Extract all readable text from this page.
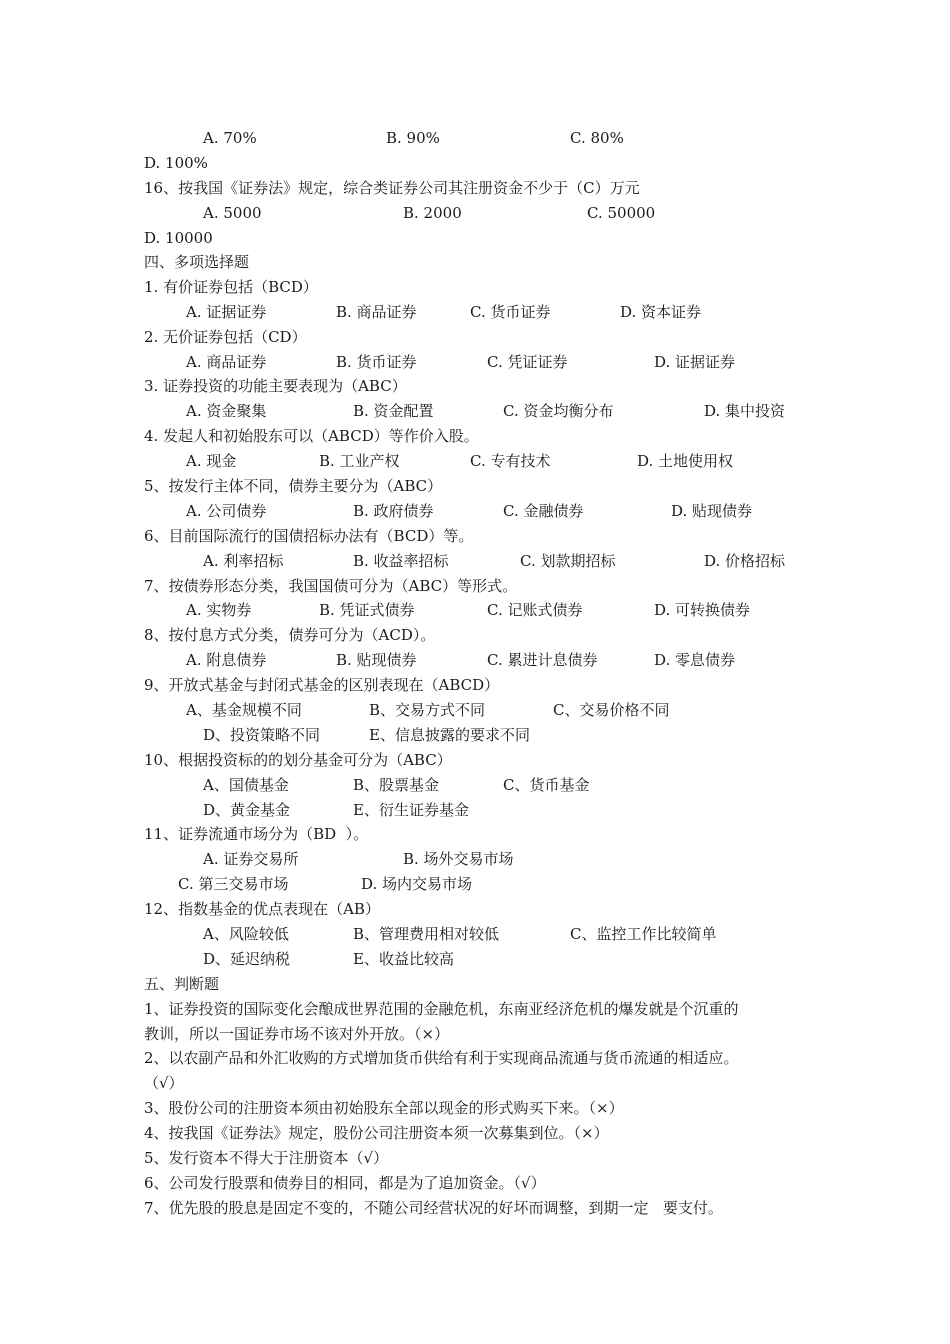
A. 70%	B. 90%	C. 80%
D. 100%
16、按我国《证券法》规定，综合类证券公司其注册资金不少于（C）万元
A. 5000	B. 2000	C. 50000
D. 10000
四、多项选择题
1. 有价证券包括（BCD）
A. 证据证券	B. 商品证券	C. 货币证券	D. 资本证券
2. 无价证券包括（CD）
A. 商品证券	B. 货币证券	C. 凭证证券	D. 证据证券
3. 证券投资的功能主要表现为（ABC）
A. 资金聚集	B. 资金配置	C. 资金均衡分布	D. 集中投资
4. 发起人和初始股东可以（ABCD）等作价入股。
A. 现金	B. 工业产权	C. 专有技术	D. 土地使用权
5、按发行主体不同，债券主要分为（ABC）
A. 公司债券	B. 政府债券	C. 金融债券	D. 贴现债券
6、目前国际流行的国债招标办法有（BCD）等。
A. 利率招标	B. 收益率招标	C. 划款期招标	D. 价格招标
7、按债券形态分类，我国国债可分为（ABC）等形式。
A. 实物券	B. 凭证式债券	C. 记账式债券	D. 可转换债券
8、按付息方式分类，债券可分为（ACD）。
A. 附息债券	B. 贴现债券	C. 累进计息债券	D. 零息债券
9、开放式基金与封闭式基金的区别表现在（ABCD）
A、基金规模不同	B、交易方式不同	C、交易价格不同
D、投资策略不同	E、信息披露的要求不同
10、根据投资标的的划分基金可分为（ABC）
A、国债基金	B、股票基金	C、货币基金
D、黄金基金	E、衍生证券基金
11、证券流通市场分为（BD  ）。
A. 证券交易所	B. 场外交易市场
C. 第三交易市场	D. 场内交易市场
12、指数基金的优点表现在（AB）
A、风险较低	B、管理费用相对较低	C、监控工作比较简单
D、延迟纳税	E、收益比较高
五、判断题
1、证券投资的国际变化会酿成世界范围的金融危机，东南亚经济危机的爆发就是个沉重的
教训，所以一国证券市场不该对外开放。（×）
2、以农副产品和外汇收购的方式增加货币供给有利于实现商品流通与货币流通的相适应。
（√）
3、股份公司的注册资本须由初始股东全部以现金的形式购买下来。（×）
4、按我国《证券法》规定，股份公司注册资本须一次募集到位。（×）
5、发行资本不得大于注册资本（√）
6、公司发行股票和债券目的相同，都是为了追加资金。（√）
7、优先股的股息是固定不变的，不随公司经营状况的好坏而调整，到期一定   要支付。
